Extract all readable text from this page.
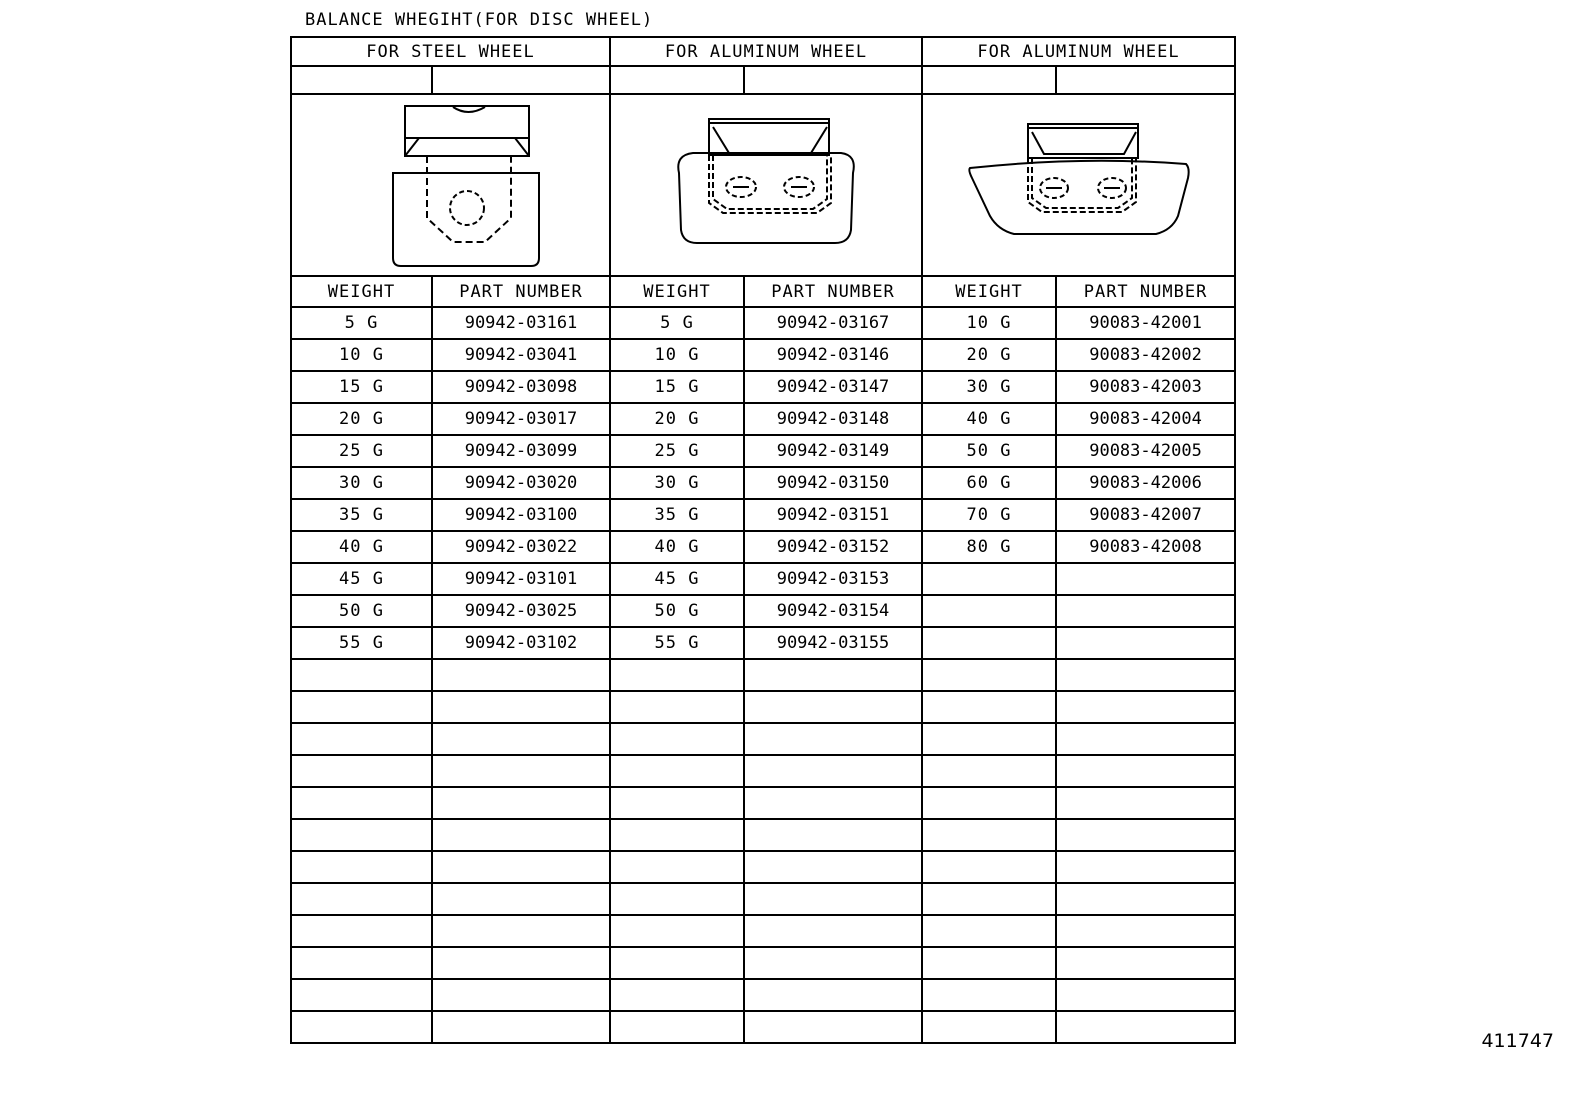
BALANCE WHEGIHT(FOR DISC WHEEL)
FOR STEEL WHEEL		FOR ALUMINUM WHEEL		FOR ALUMINUM WHEEL	

WEIGHT	PART NUMBER	WEIGHT	PART NUMBER	WEIGHT	PART NUMBER
5 G	90942-03161	5 G	90942-03167	10 G	90083-42001
10 G	90942-03041	10 G	90942-03146	20 G	90083-42002
15 G	90942-03098	15 G	90942-03147	30 G	90083-42003
20 G	90942-03017	20 G	90942-03148	40 G	90083-42004
25 G	90942-03099	25 G	90942-03149	50 G	90083-42005
30 G	90942-03020	30 G	90942-03150	60 G	90083-42006
35 G	90942-03100	35 G	90942-03151	70 G	90083-42007
40 G	90942-03022	40 G	90942-03152	80 G	90083-42008
45 G	90942-03101	45 G	90942-03153		
50 G	90942-03025	50 G	90942-03154		
55 G	90942-03102	55 G	90942-03155		

411747
